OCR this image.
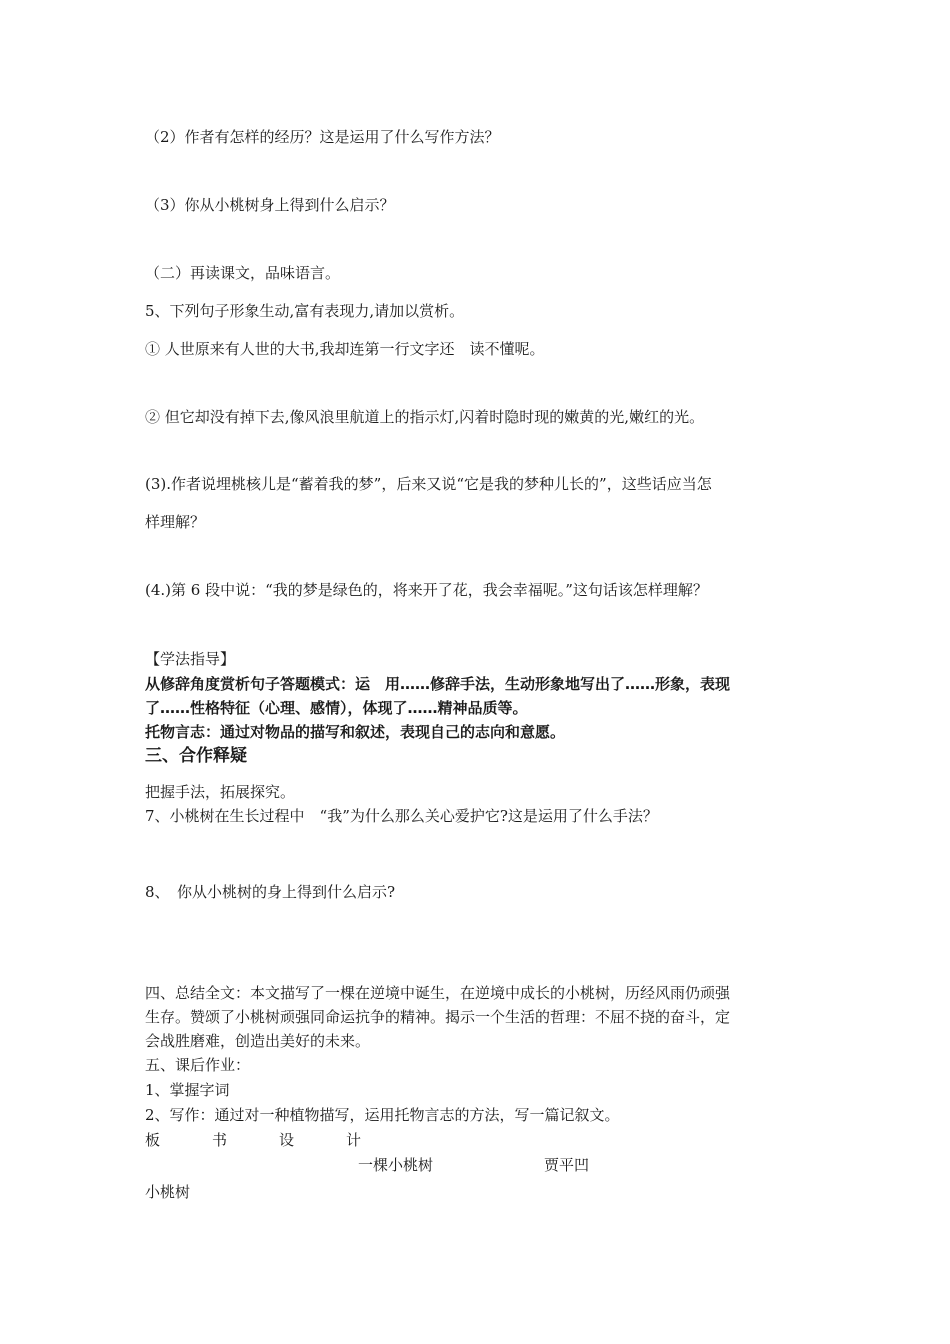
（2）作者有怎样的经历？这是运用了什么写作方法？
（3）你从小桃树身上得到什么启示？
（二）再读课文，品味语言。
5、下列句子形象生动,富有表现力,请加以赏析。
① 人世原来有人世的大书,我却连第一行文字还　读不懂呢。
② 但它却没有掉下去,像风浪里航道上的指示灯,闪着时隐时现的嫩黄的光,嫩红的光。
(3).作者说埋桃核儿是“蓄着我的梦”，后来又说“它是我的梦种儿长的”，这些话应当怎
样理解？
(4.)第 6 段中说：“我的梦是绿色的，将来开了花，我会幸福呢。”这句话该怎样理解？
【学法指导】
从修辞角度赏析句子答题模式：运　用……修辞手法，生动形象地写出了……形象，表现
了……性格特征（心理、感情），体现了……精神品质等。
托物言志：通过对物品的描写和叙述，表现自己的志向和意愿。
三、合作释疑
把握手法，拓展探究。
7、小桃树在生长过程中　“我”为什么那么关心爱护它?这是运用了什么手法？
8、　你从小桃树的身上得到什么启示?
四、总结全文：本文描写了一棵在逆境中诞生，在逆境中成长的小桃树，历经风雨仍顽强
生存。赞颂了小桃树顽强同命运抗争的精神。揭示一个生活的哲理：不屈不挠的奋斗，定
会战胜磨难，创造出美好的未来。
五、课后作业：
1、掌握字词
2、写作：通过对一种植物描写，运用托物言志的方法，写一篇记叙文。
板	书	设	计
一棵小桃树	贾平凹
小桃树
